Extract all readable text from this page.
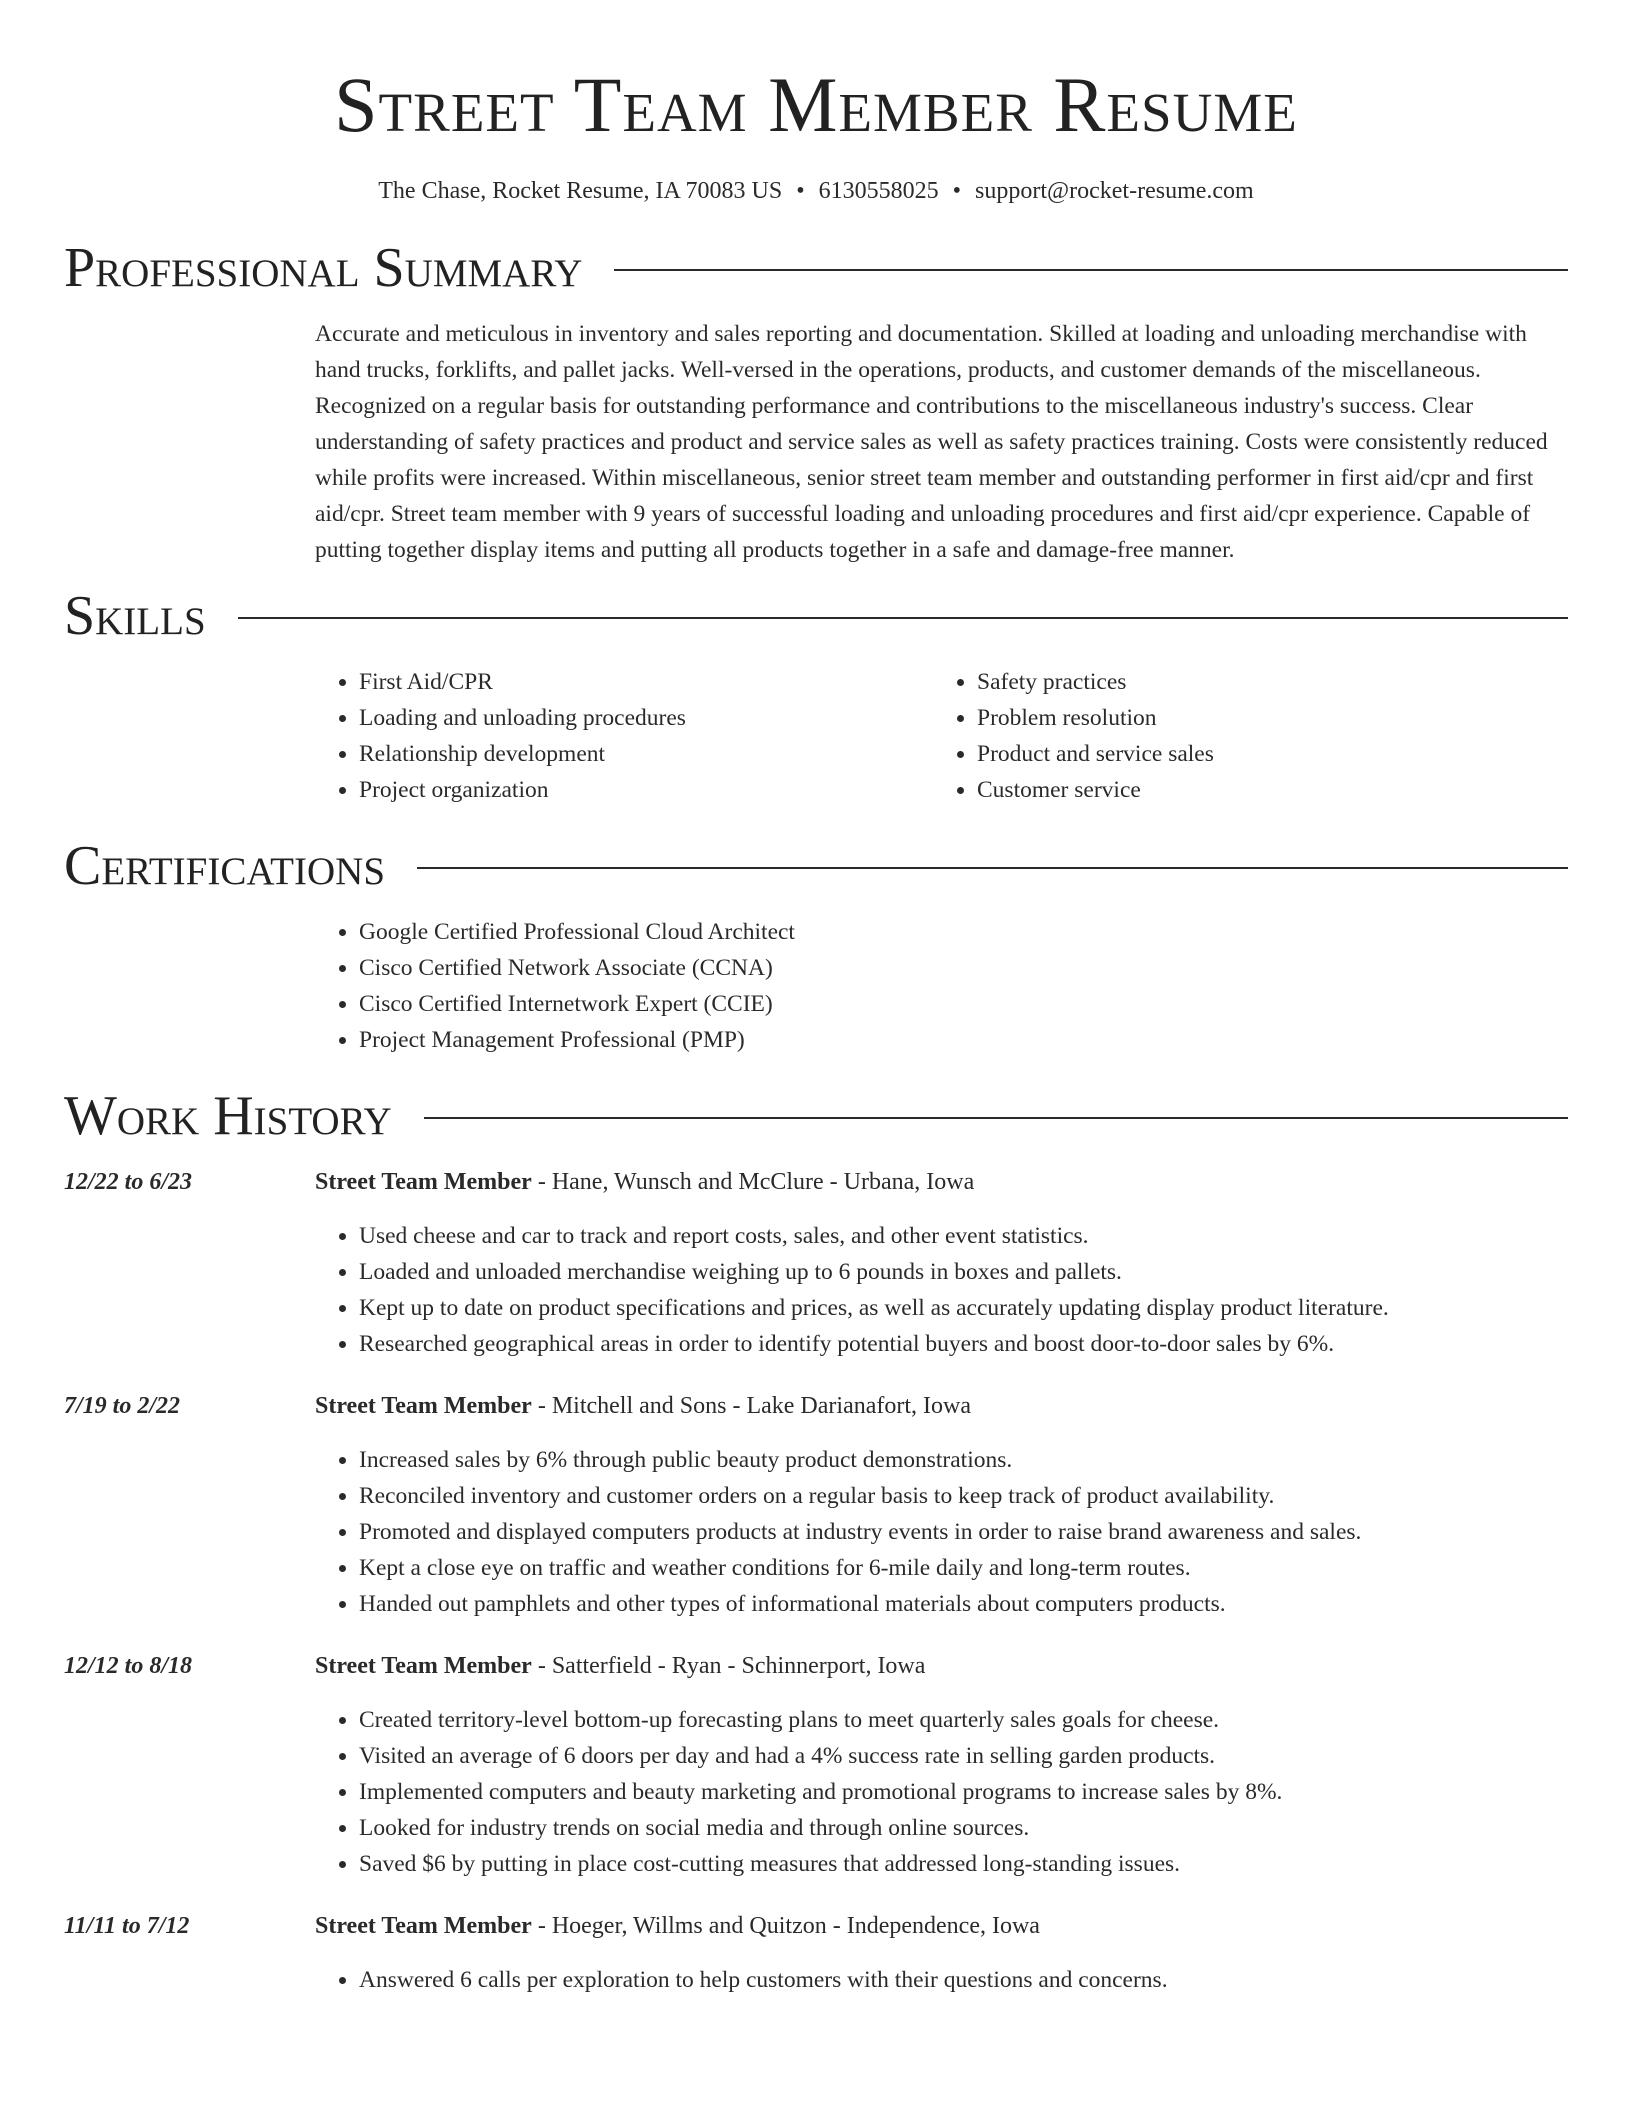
Street Team Member Resume
The Chase, Rocket Resume, IA 70083 US • 6130558025 • support@rocket-resume.com
Professional Summary

Accurate and meticulous in inventory and sales reporting and documentation. Skilled at loading and unloading merchandise with hand trucks, forklifts, and pallet jacks. Well-versed in the operations, products, and customer demands of the miscellaneous. Recognized on a regular basis for outstanding performance and contributions to the miscellaneous industry's success. Clear understanding of safety practices and product and service sales as well as safety practices training. Costs were consistently reduced while profits were increased. Within miscellaneous, senior street team member and outstanding performer in first aid/cpr and first aid/cpr. Street team member with 9 years of successful loading and unloading procedures and first aid/cpr experience. Capable of putting together display items and putting all products together in a safe and damage-free manner.

Skills
• First Aid/CPR
• Loading and unloading procedures
• Relationship development
• Project organization
• Safety practices
• Problem resolution
• Product and service sales
• Customer service
Certifications
• Google Certified Professional Cloud Architect
• Cisco Certified Network Associate (CCNA)
• Cisco Certified Internetwork Expert (CCIE)
• Project Management Professional (PMP)
Work History
12/22 to 6/23	Street Team Member - Hane, Wunsch and McClure - Urbana, Iowa
• Used cheese and car to track and report costs, sales, and other event statistics.
• Loaded and unloaded merchandise weighing up to 6 pounds in boxes and pallets.
• Kept up to date on product specifications and prices, as well as accurately updating display product literature.
• Researched geographical areas in order to identify potential buyers and boost door-to-door sales by 6%.
7/19 to 2/22	Street Team Member - Mitchell and Sons - Lake Darianafort, Iowa
• Increased sales by 6% through public beauty product demonstrations.
• Reconciled inventory and customer orders on a regular basis to keep track of product availability.
• Promoted and displayed computers products at industry events in order to raise brand awareness and sales.
• Kept a close eye on traffic and weather conditions for 6-mile daily and long-term routes.
• Handed out pamphlets and other types of informational materials about computers products.
12/12 to 8/18	Street Team Member - Satterfield - Ryan - Schinnerport, Iowa
• Created territory-level bottom-up forecasting plans to meet quarterly sales goals for cheese.
• Visited an average of 6 doors per day and had a 4% success rate in selling garden products.
• Implemented computers and beauty marketing and promotional programs to increase sales by 8%.
• Looked for industry trends on social media and through online sources.
• Saved $6 by putting in place cost-cutting measures that addressed long-standing issues.
11/11 to 7/12	Street Team Member - Hoeger, Willms and Quitzon - Independence, Iowa
• Answered 6 calls per exploration to help customers with their questions and concerns.
